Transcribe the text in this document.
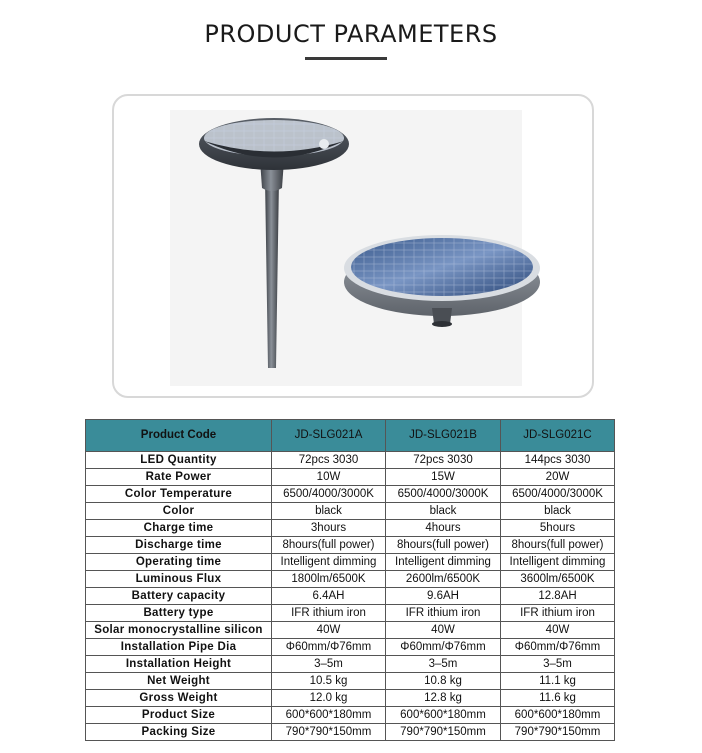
PRODUCT PARAMETERS
Product Code	JD-SLG021A	JD-SLG021B	JD-SLG021C
LED Quantity	72pcs 3030	72pcs 3030	144pcs 3030
Rate Power	10W	15W	20W
Color Temperature	6500/4000/3000K	6500/4000/3000K	6500/4000/3000K
Color	black	black	black
Charge time	3hours	4hours	5hours
Discharge time	8hours(full power)	8hours(full power)	8hours(full power)
Operating time	Intelligent dimming	Intelligent dimming	Intelligent dimming
Luminous Flux	1800lm/6500K	2600lm/6500K	3600lm/6500K
Battery capacity	6.4AH	9.6AH	12.8AH
Battery type	IFR ithium iron	IFR ithium iron	IFR ithium iron
Solar monocrystalline silicon	40W	40W	40W
Installation Pipe Dia	Φ60mm/Φ76mm	Φ60mm/Φ76mm	Φ60mm/Φ76mm
Installation Height	3–5m	3–5m	3–5m
Net Weight	10.5 kg	10.8 kg	11.1 kg
Gross Weight	12.0 kg	12.8 kg	11.6 kg
Product Size	600*600*180mm	600*600*180mm	600*600*180mm
Packing Size	790*790*150mm	790*790*150mm	790*790*150mm
